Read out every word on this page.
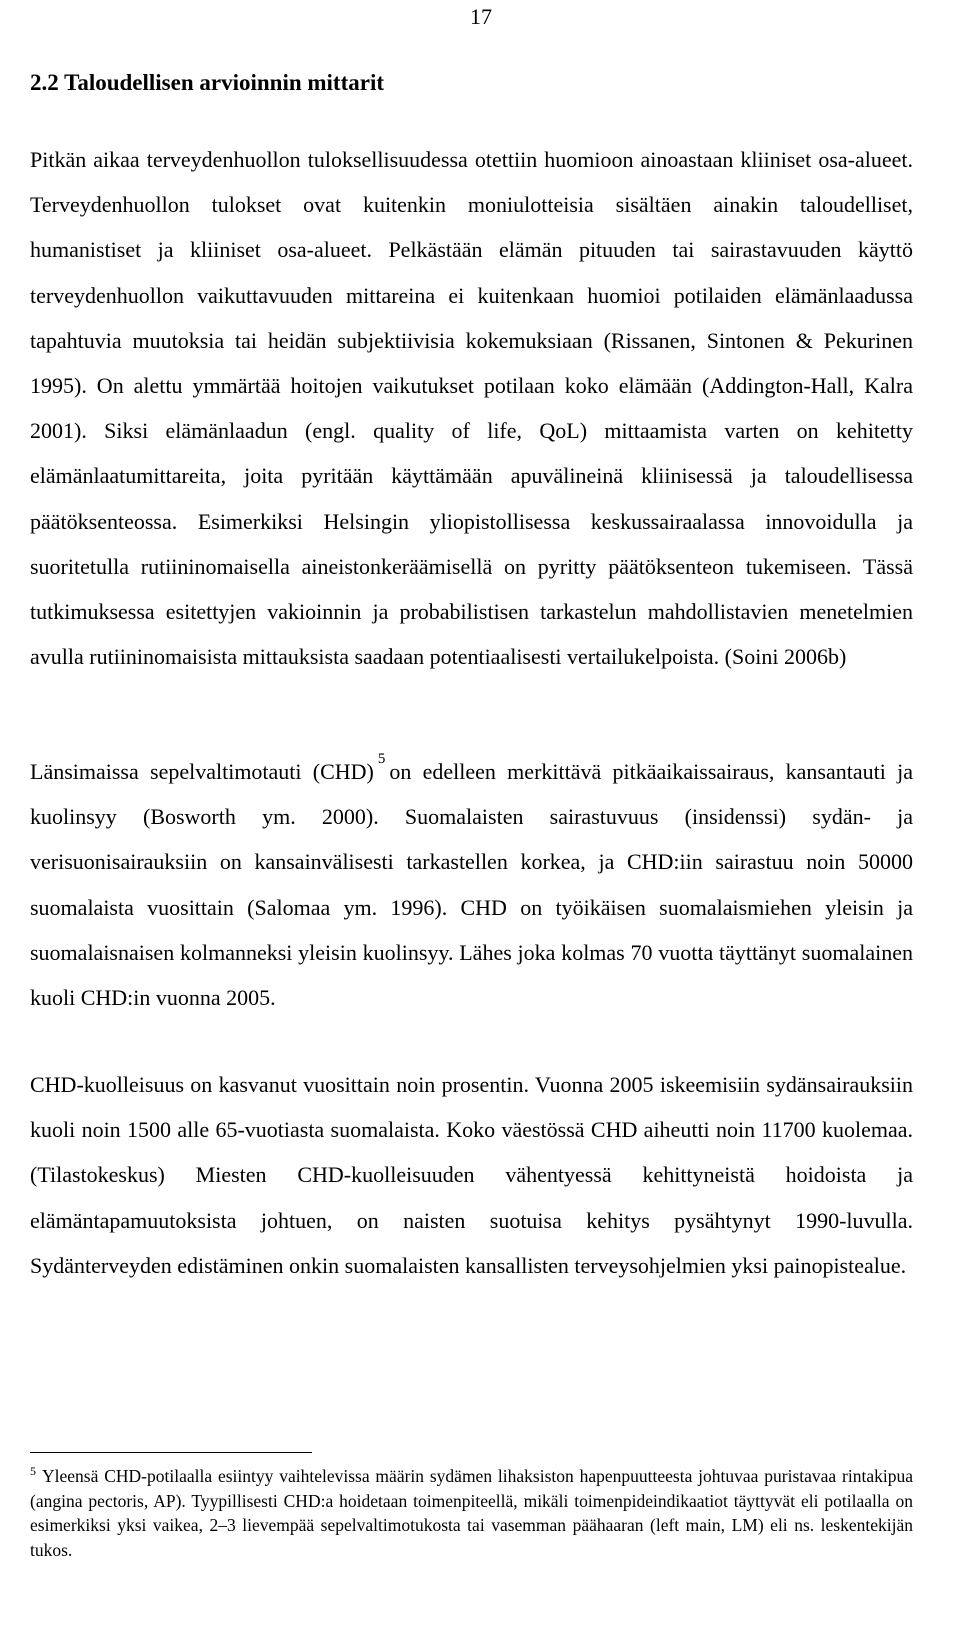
17
2.2 Taloudellisen arvioinnin mittarit

Pitkän aikaa terveydenhuollon tuloksellisuudessa otettiin huomioon ainoastaan kliiniset osa-alueet. Terveydenhuollon tulokset ovat kuitenkin moniulotteisia sisältäen ainakin taloudelliset, humanistiset ja kliiniset osa-alueet. Pelkästään elämän pituuden tai sairastavuuden käyttö terveydenhuollon vaikuttavuuden mittareina ei kuitenkaan huomioi potilaiden elämänlaadussa tapahtuvia muutoksia tai heidän subjektiivisia kokemuksiaan (Rissanen, Sintonen & Pekurinen 1995). On alettu ymmärtää hoitojen vaikutukset potilaan koko elämään (Addington-Hall, Kalra 2001). Siksi elämänlaadun (engl. quality of life, QoL) mittaamista varten on kehitetty elämänlaatumittareita, joita pyritään käyttämään apuvälineinä kliinisessä ja taloudellisessa päätöksenteossa. Esimerkiksi Helsingin yliopistollisessa keskussairaalassa innovoidulla ja suoritetulla rutiininomaisella aineistonkeräämisellä on pyritty päätöksenteon tukemiseen. Tässä tutkimuksessa esitettyjen vakioinnin ja probabilistisen tarkastelun mahdollistavien menetelmien avulla rutiininomaisista mittauksista saadaan potentiaalisesti vertailukelpoista. (Soini 2006b)

Länsimaissa sepelvaltimotauti (CHD) $^5$ on edelleen merkittävä pitkäaikaissairaus, kansantauti ja kuolinsyy (Bosworth ym. 2000). Suomalaisten sairastuvuus (insidenssi) sydän- ja verisuonisairauksiin on kansainvälisesti tarkastellen korkea, ja CHD:iin sairastuu noin 50000 suomalaista vuosittain (Salomaa ym. 1996). CHD on työikäisen suomalaismiehen yleisin ja suomalaisnaisen kolmanneksi yleisin kuolinsyy. Lähes joka kolmas 70 vuotta täyttänyt suomalainen kuoli CHD:in vuonna 2005.

CHD-kuolleisuus on kasvanut vuosittain noin prosentin. Vuonna 2005 iskeemisiin sydänsairauksiin kuoli noin 1500 alle 65-vuotiasta suomalaista. Koko väestössä CHD aiheutti noin 11700 kuolemaa. (Tilastokeskus) Miesten CHD-kuolleisuuden vähentyessä kehittyneistä hoidoista ja elämäntapamuutoksista johtuen, on naisten suotuisa kehitys pysähtynyt 1990-luvulla. Sydänterveyden edistäminen onkin suomalaisten kansallisten terveysohjelmien yksi painopistealue.

$^5$ Yleensä CHD-potilaalla esiintyy vaihtelevissa määrin sydämen lihaksiston hapenpuutteesta johtuvaa puristavaa rintakipua (angina pectoris, AP). Tyypillisesti CHD:a hoidetaan toimenpiteellä, mikäli toimenpideindikaatiot täyttyvät eli potilaalla on esimerkiksi yksi vaikea, 2–3 lievempää sepelvaltimotukosta tai vasemman päähaaran (left main, LM) eli ns. leskentekijän tukos.
